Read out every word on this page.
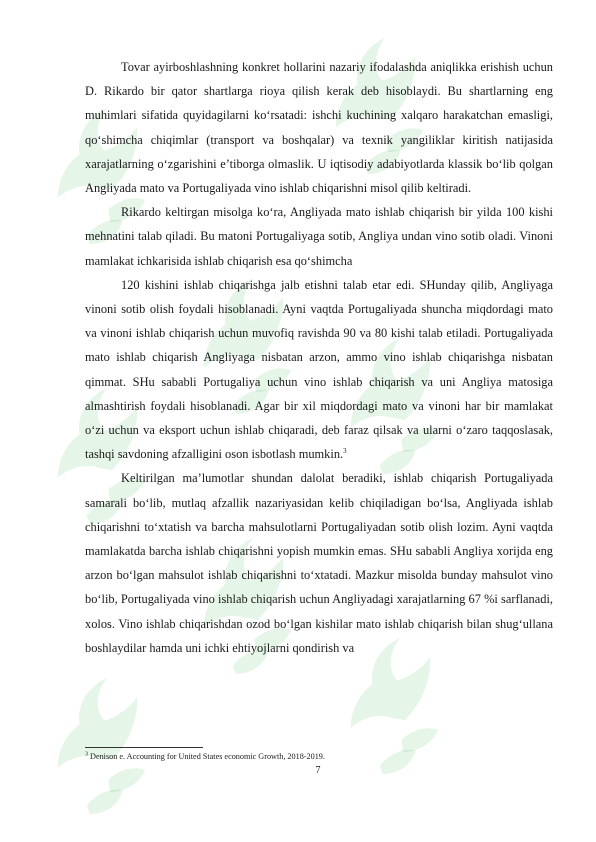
Tovar ayirboshlashning konkret hollarini nazariy ifodalashda aniqlikka erishish uchun D. Rikardo bir qator shartlarga rioya qilish kerak deb hisoblaydi. Bu shartlarning eng muhimlari sifatida quyidagilarni ko‘rsatadi: ishchi kuchining xalqaro harakatchan emasligi, qo‘shimcha chiqimlar (transport va boshqalar) va texnik yangiliklar kiritish natijasida xarajatlarning o‘zgarishini e’tiborga olmaslik. U iqtisodiy adabiyotlarda klassik bo‘lib qolgan Angliyada mato va Portugaliyada vino ishlab chiqarishni misol qilib keltiradi.

Rikardo keltirgan misolga ko‘ra, Angliyada mato ishlab chiqarish bir yilda 100 kishi mehnatini talab qiladi. Bu matoni Portugaliyaga sotib, Angliya undan vino sotib oladi. Vinoni mamlakat ichkarisida ishlab chiqarish esa qo‘shimcha

120 kishini ishlab chiqarishga jalb etishni talab etar edi. SHunday qilib, Angliyaga vinoni sotib olish foydali hisoblanadi. Ayni vaqtda Portugaliyada shuncha miqdordagi mato va vinoni ishlab chiqarish uchun muvofiq ravishda 90 va 80 kishi talab etiladi. Portugaliyada mato ishlab chiqarish Angliyaga nisbatan arzon, ammo vino ishlab chiqarishga nisbatan qimmat. SHu sababli Portugaliya uchun vino ishlab chiqarish va uni Angliya matosiga almashtirish foydali hisoblanadi. Agar bir xil miqdordagi mato va vinoni har bir mamlakat o‘zi uchun va eksport uchun ishlab chiqaradi, deb faraz qilsak va ularni o‘zaro taqqoslasak, tashqi savdoning afzalligini oson isbotlash mumkin.$^3$

Keltirilgan ma’lumotlar shundan dalolat beradiki, ishlab chiqarish Portugaliyada samarali bo‘lib, mutlaq afzallik nazariyasidan kelib chiqiladigan bo‘lsa, Angliyada ishlab chiqarishni to‘xtatish va barcha mahsulotlarni Portugaliyadan sotib olish lozim. Ayni vaqtda mamlakatda barcha ishlab chiqarishni yopish mumkin emas. SHu sababli Angliya xorijda eng arzon bo‘lgan mahsulot ishlab chiqarishni to‘xtatadi. Mazkur misolda bunday mahsulot vino bo‘lib, Portugaliyada vino ishlab chiqarish uchun Angliyadagi xarajatlarning 67 %i sarflanadi, xolos. Vino ishlab chiqarishdan ozod bo‘lgan kishilar mato ishlab chiqarish bilan shug‘ullana boshlaydilar hamda uni ichki ehtiyojlarni qondirish va

$^3$ Denison e. Accounting for United States economic Growth, 2018-2019.
7
